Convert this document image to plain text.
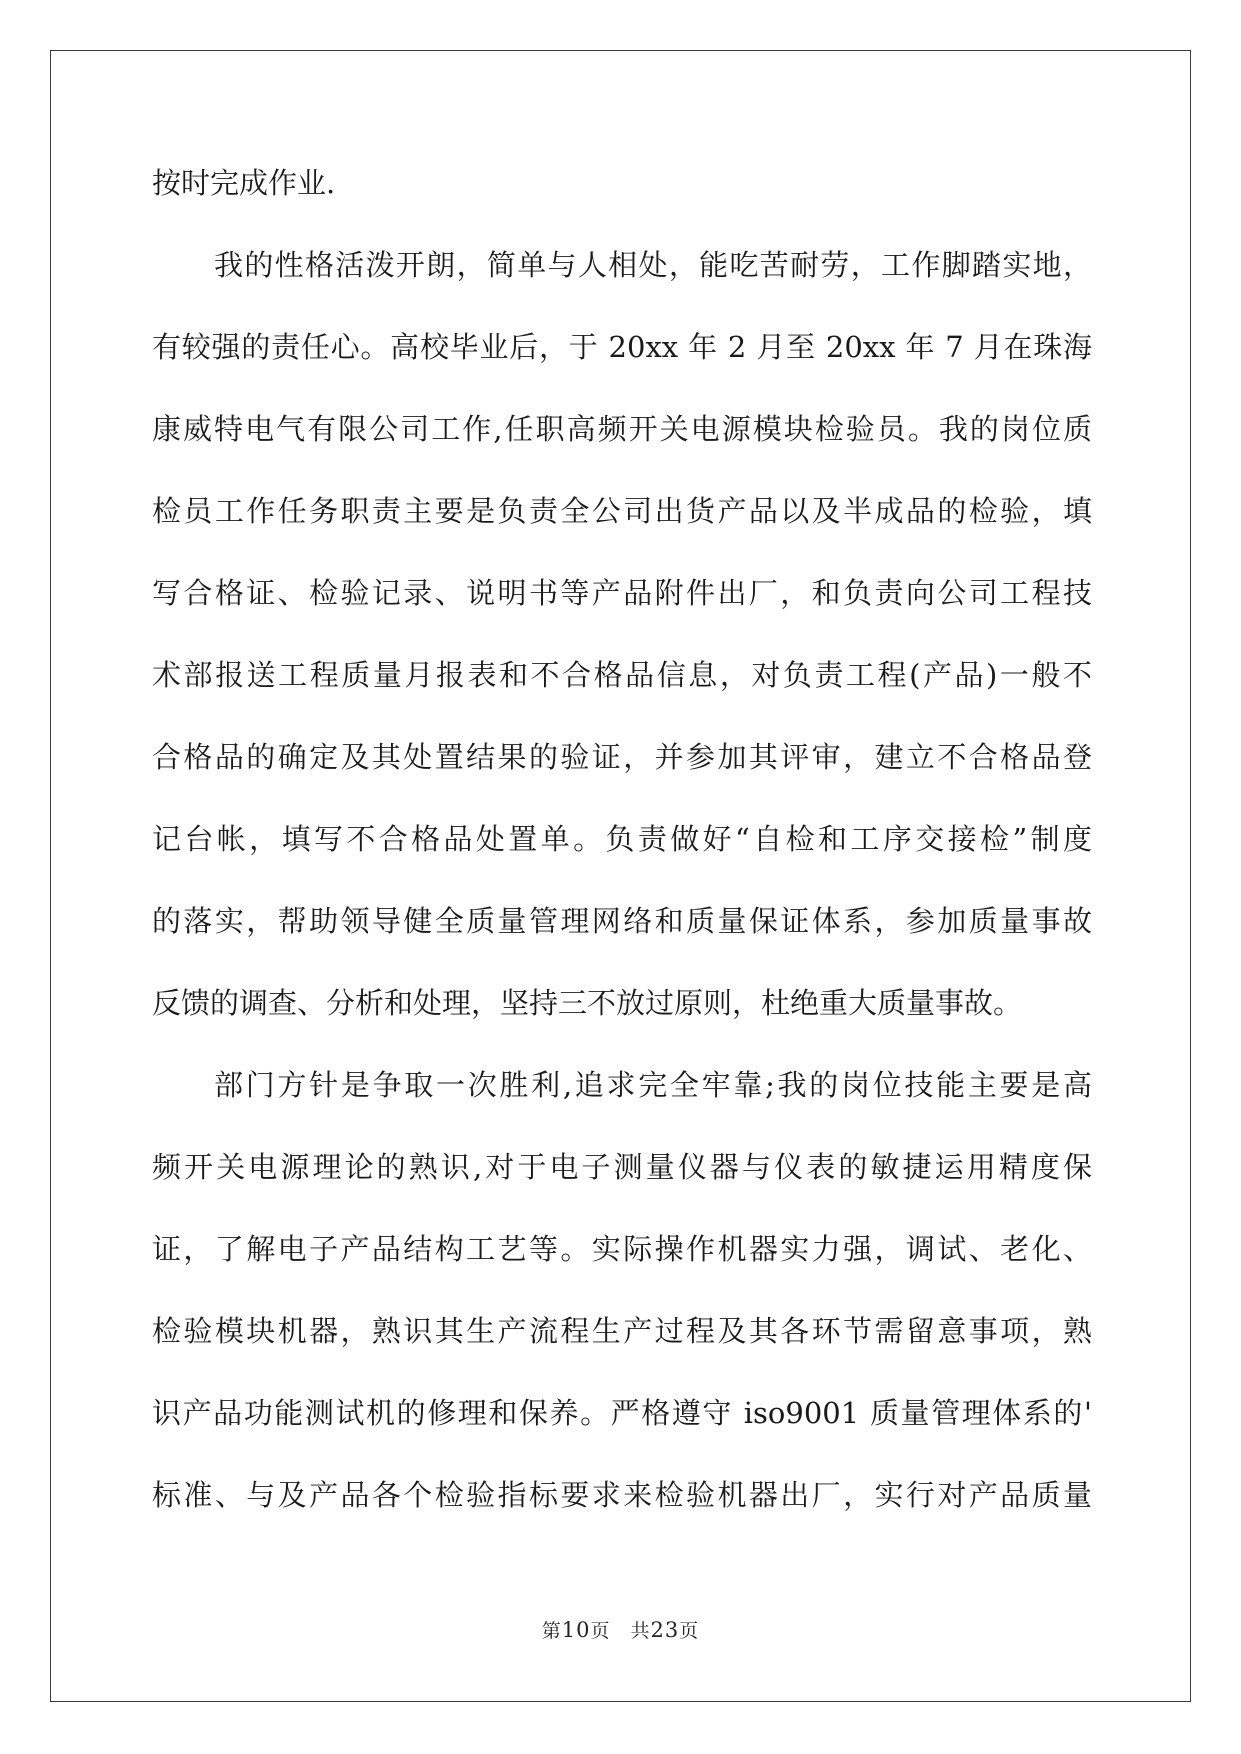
按时完成作业.
我的性格活泼开朗，简单与人相处，能吃苦耐劳，工作脚踏实地，
有较强的责任心。高校毕业后，于 20xx 年 2 月至 20xx 年 7 月在珠海
康威特电气有限公司工作,任职高频开关电源模块检验员。我的岗位质
检员工作任务职责主要是负责全公司出货产品以及半成品的检验，填
写合格证、检验记录、说明书等产品附件出厂，和负责向公司工程技
术部报送工程质量月报表和不合格品信息，对负责工程(产品)一般不
合格品的确定及其处置结果的验证，并参加其评审，建立不合格品登
记台帐，填写不合格品处置单。负责做好“自检和工序交接检”制度
的落实，帮助领导健全质量管理网络和质量保证体系，参加质量事故
反馈的调查、分析和处理，坚持三不放过原则，杜绝重大质量事故。
部门方针是争取一次胜利,追求完全牢靠;我的岗位技能主要是高
频开关电源理论的熟识,对于电子测量仪器与仪表的敏捷运用精度保
证，了解电子产品结构工艺等。实际操作机器实力强，调试、老化、
检验模块机器，熟识其生产流程生产过程及其各环节需留意事项，熟
识产品功能测试机的修理和保养。严格遵守 iso9001 质量管理体系的'
标准、与及产品各个检验指标要求来检验机器出厂，实行对产品质量
第10页 共23页
